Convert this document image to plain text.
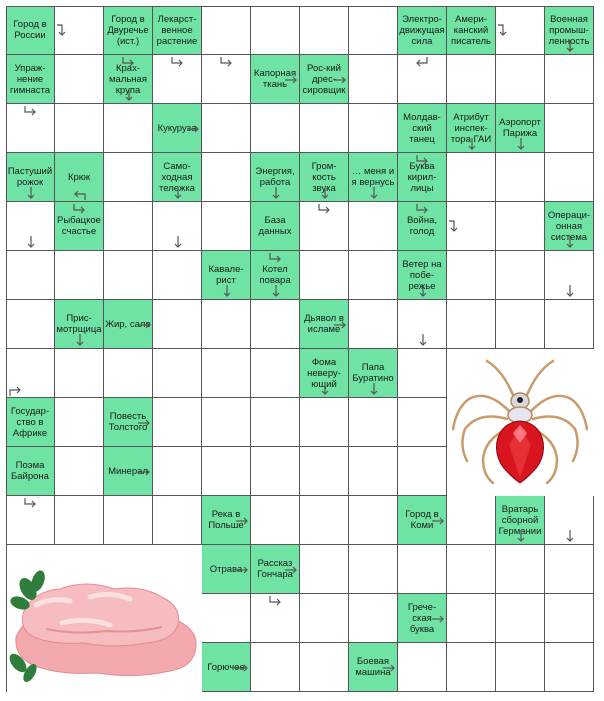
Город в России
Город в Двуречье (ист.)
Лекарст-венное растение
Электро-движущая сила
Амери-канский писатель
Военная промыш-ленность
Упраж-нение гимнаста
Крах-мальная крупа
Капорная ткань
Рос-кий дрес-сировщик
Кукуруза
Молдав-ский танец
Атрибут инспек-тора ГАИ
Аэропорт Парижа
Пастуший рожок	Крюк
Само-ходная тележка
Энергия, работа
Гром-кость звука
… меня и я вернусь
Буква кирил-лицы
Рыбацкое счастье
База данных
Война, голод
Операци-онная система
Кавале-рист
Котел повара
Ветер на побе-режье
Прис-мотрщица Жир, сало	Дьявол в исламе
Фома неверу-ющий
Папа Буратино
Государ-ство в Африке
Повесть Толстого
Поэма Байрона	Минерал
Река в Польше
Город в Коми
Вратарь сборной Германии
Отрава	Рассказ Гончара
Грече-ская буква
Горючее	Боевая машина
